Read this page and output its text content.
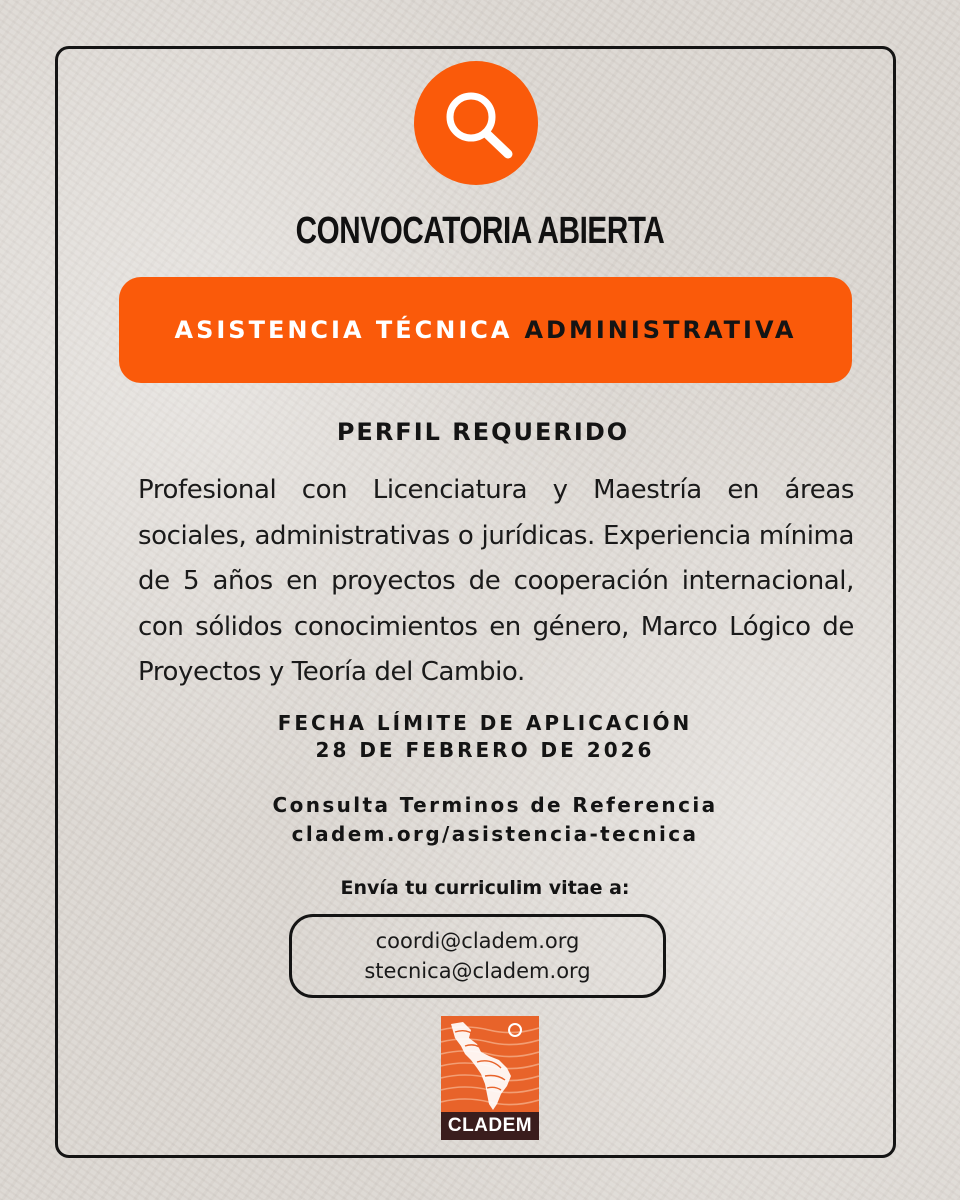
CONVOCATORIA ABIERTA
ASISTENCIA TÉCNICA ADMINISTRATIVA
PERFIL REQUERIDO
Profesional con Licenciatura y Maestría en áreas sociales, administrativas o jurídicas. Experiencia mínima de 5 años en proyectos de cooperación internacional, con sólidos conocimientos en género, Marco Lógico de Proyectos y Teoría del Cambio.
FECHA LÍMITE DE APLICACIÓN
28 DE FEBRERO DE 2026
Consulta Terminos de Referencia
cladem.org/asistencia-tecnica
Envía tu curriculim vitae a:
coordi@cladem.org
stecnica@cladem.org
CLADEM
